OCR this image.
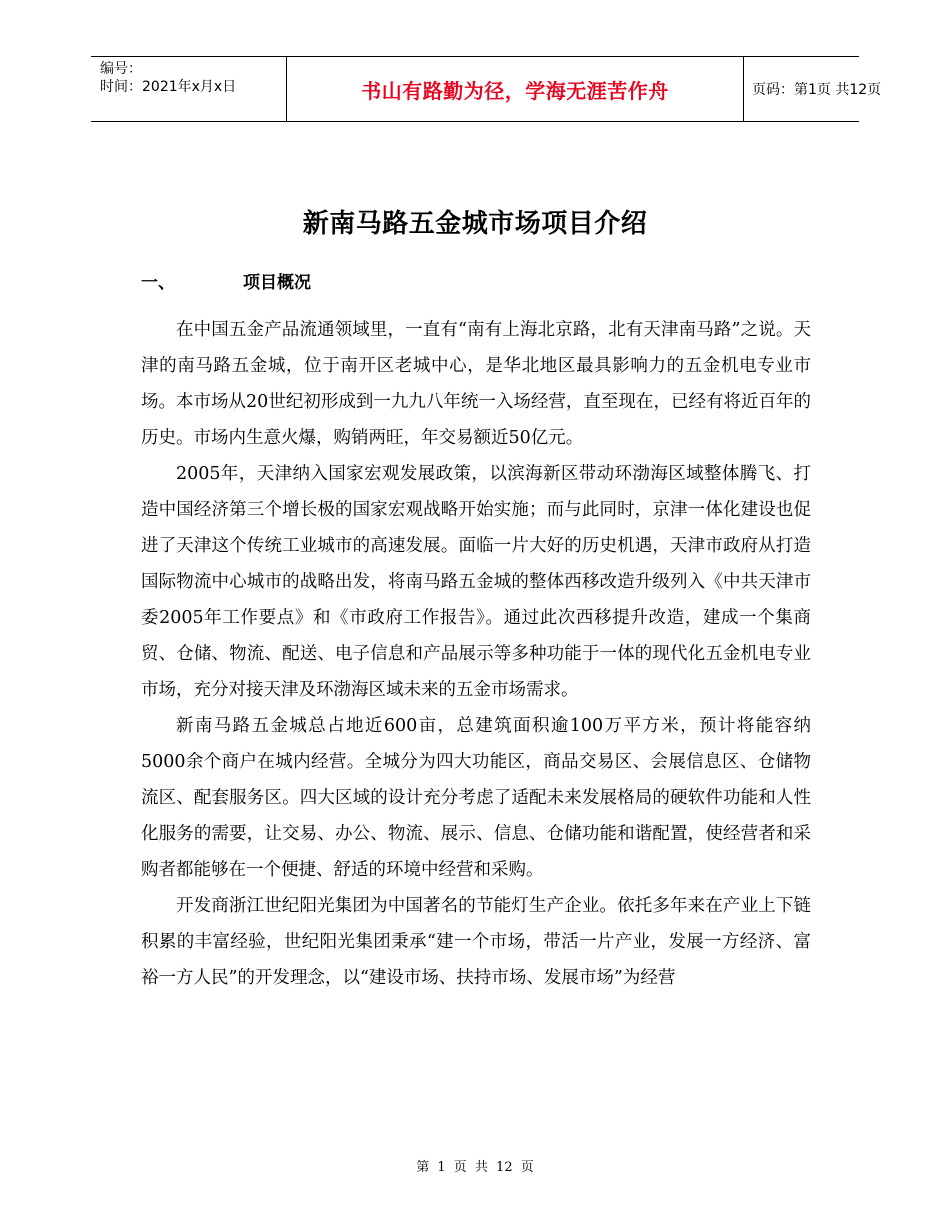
编号：
时间：2021年x月x日	书山有路勤为径，学海无涯苦作舟	页码：第1页 共12页
新南马路五金城市场项目介绍
一、	项目概况

在中国五金产品流通领域里，一直有“南有上海北京路，北有天津南马路”之说。天津的南马路五金城，位于南开区老城中心，是华北地区最具影响力的五金机电专业市场。本市场从20世纪初形成到一九九八年统一入场经营，直至现在，已经有将近百年的历史。市场内生意火爆，购销两旺，年交易额近50亿元。

2005年，天津纳入国家宏观发展政策，以滨海新区带动环渤海区域整体腾飞、打造中国经济第三个增长极的国家宏观战略开始实施；而与此同时，京津一体化建设也促进了天津这个传统工业城市的高速发展。面临一片大好的历史机遇，天津市政府从打造国际物流中心城市的战略出发，将南马路五金城的整体西移改造升级列入《中共天津市委2005年工作要点》和《市政府工作报告》。通过此次西移提升改造，建成一个集商贸、仓储、物流、配送、电子信息和产品展示等多种功能于一体的现代化五金机电专业市场，充分对接天津及环渤海区域未来的五金市场需求。

新南马路五金城总占地近600亩，总建筑面积逾100万平方米，预计将能容纳5000余个商户在城内经营。全城分为四大功能区，商品交易区、会展信息区、仓储物流区、配套服务区。四大区域的设计充分考虑了适配未来发展格局的硬软件功能和人性化服务的需要，让交易、办公、物流、展示、信息、仓储功能和谐配置，使经营者和采购者都能够在一个便捷、舒适的环境中经营和采购。

开发商浙江世纪阳光集团为中国著名的节能灯生产企业。依托多年来在产业上下链积累的丰富经验，世纪阳光集团秉承“建一个市场，带活一片产业，发展一方经济、富裕一方人民”的开发理念，以“建设市场、扶持市场、发展市场”为经营

第 1 页 共 12 页
